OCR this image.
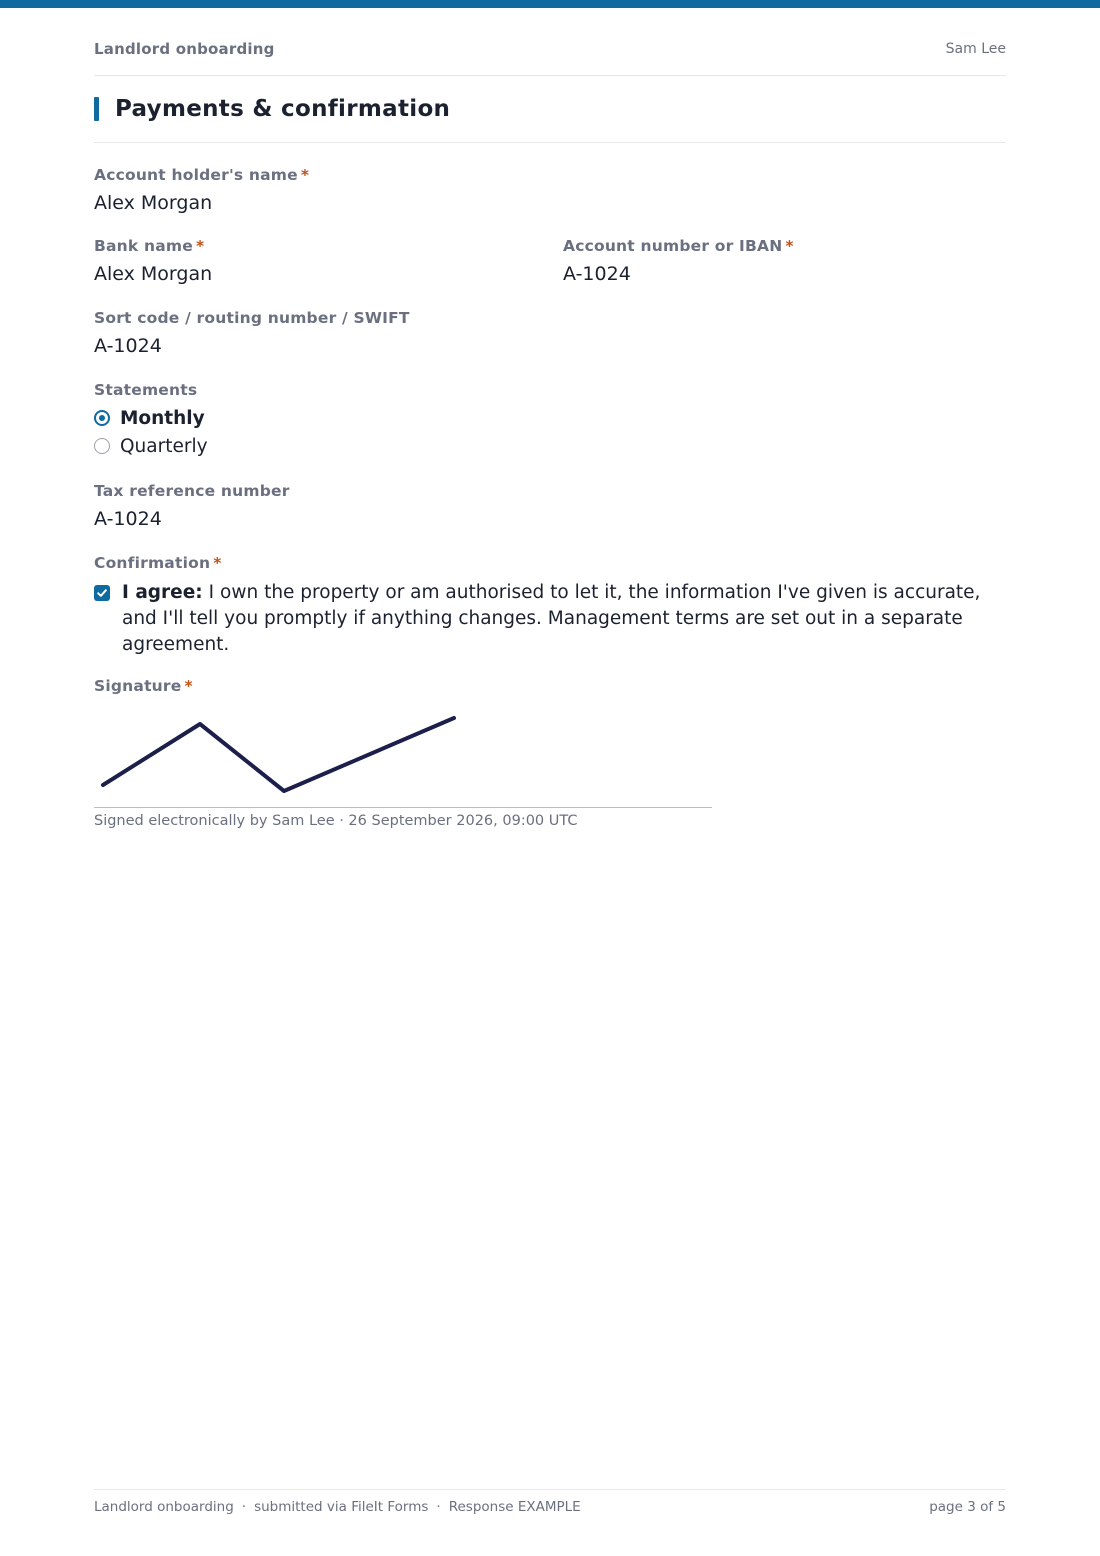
Landlord onboarding	Sam Lee
Payments & confirmation
Account holder's name *
Alex Morgan
Bank name *
Alex Morgan
Account number or IBAN *
A-1024
Sort code / routing number / SWIFT
A-1024
Statements
Monthly
Quarterly
Tax reference number
A-1024
Confirmation *
I agree: I own the property or am authorised to let it, the information I've given is accurate, and I'll tell you promptly if anything changes. Management terms are set out in a separate agreement.
Signature *
Signed electronically by Sam Lee · 26 September 2026, 09:00 UTC
Landlord onboarding · submitted via FileIt Forms · Response EXAMPLE	page 3 of 5
